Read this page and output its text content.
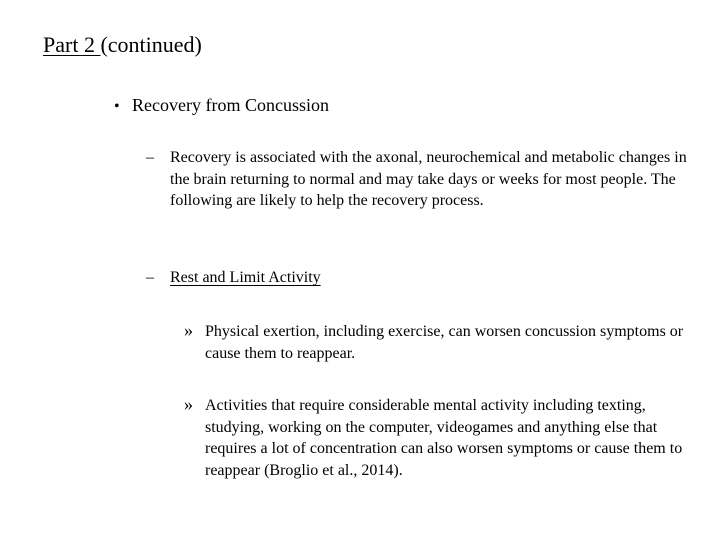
Part 2 (continued)
• Recovery from Concussion
–	Recovery is associated with the axonal, neurochemical and metabolic changes in the brain returning to normal and may take days or weeks for most people. The following are likely to help the recovery process.
–	Rest and Limit Activity
» Physical exertion, including exercise, can worsen concussion symptoms or cause them to reappear.
» Activities that require considerable mental activity including texting, studying, working on the computer, videogames and anything else that requires a lot of concentration can also worsen symptoms or cause them to reappear (Broglio et al., 2014).
